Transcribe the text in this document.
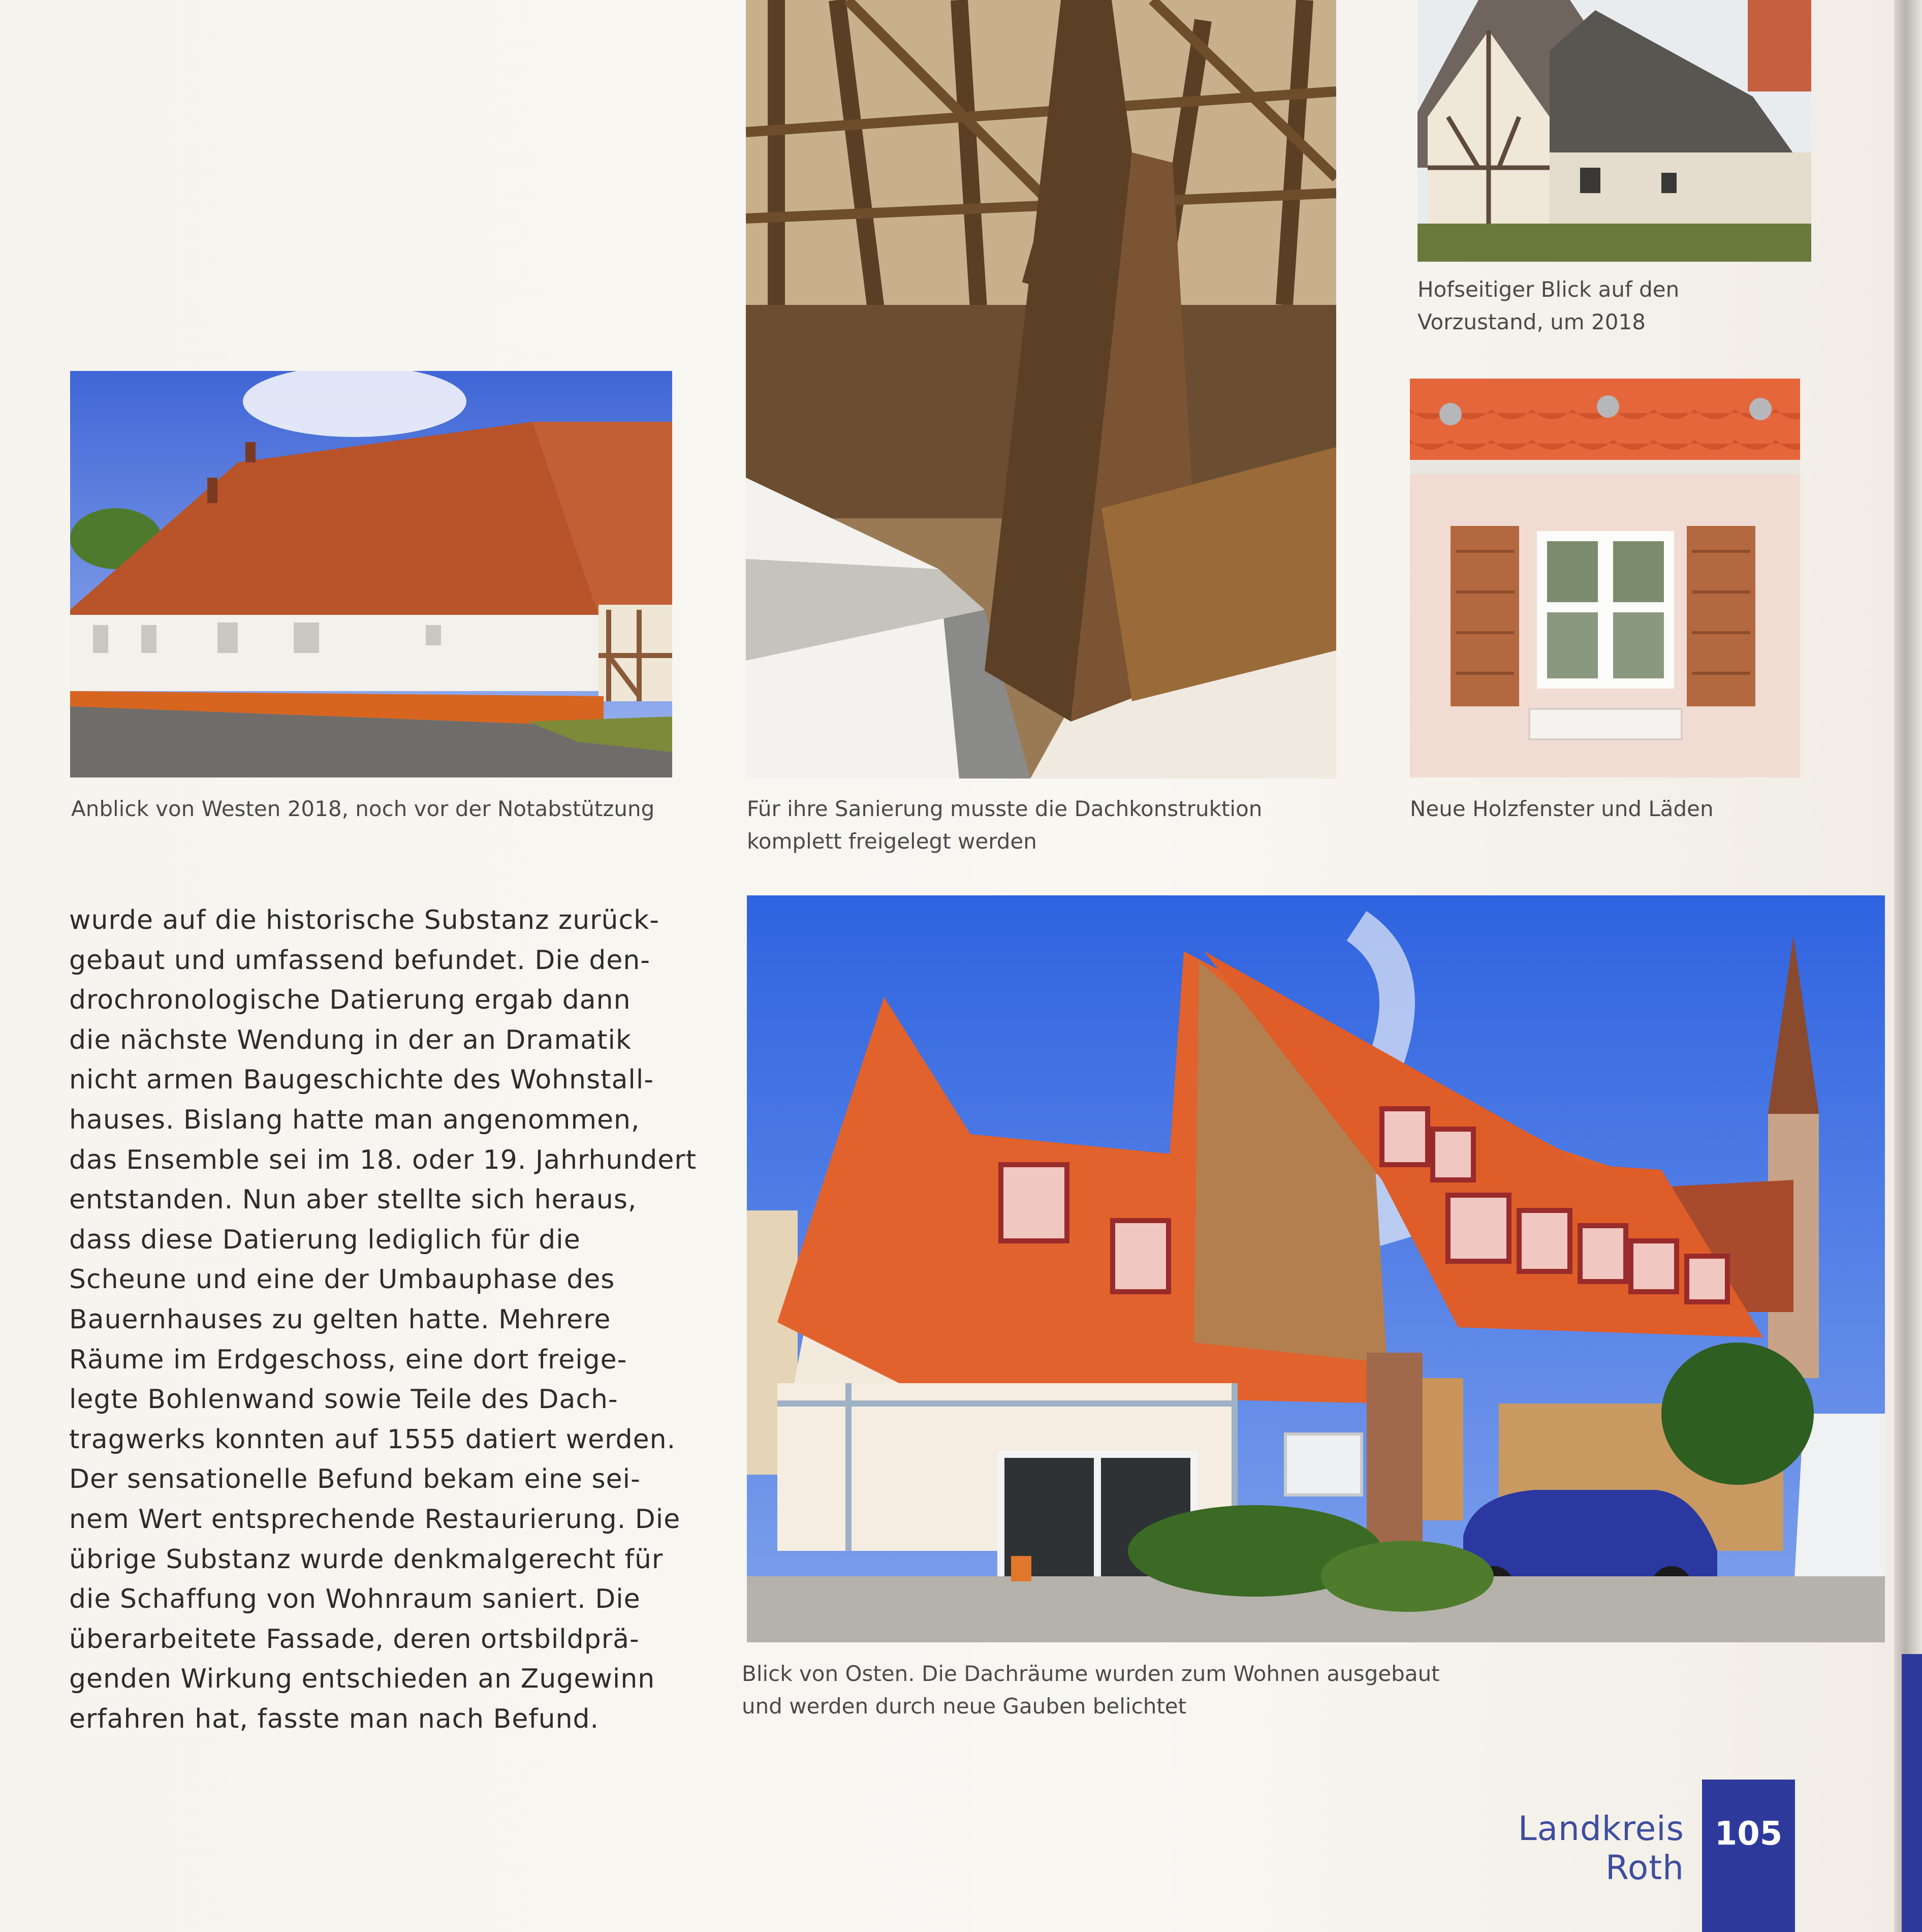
Anblick von Westen 2018, noch vor der Notabstützung	Für ihre Sanierung musste die Dachkonstruktion
komplett freigelegt werden
Hofseitiger Blick auf den
Vorzustand, um 2018
Neue Holzfenster und Läden
Blick von Osten. Die Dachräume wurden zum Wohnen ausgebaut
und werden durch neue Gauben belichtet
wurde auf die historische Substanz zurück-
gebaut und umfassend befundet. Die den-
drochronologische Datierung ergab dann
die nächste Wendung in der an Dramatik
nicht armen Baugeschichte des Wohnstall-
hauses. Bislang hatte man angenommen,
das Ensemble sei im 18. oder 19. Jahrhundert
entstanden. Nun aber stellte sich heraus,
dass diese Datierung lediglich für die
Scheune und eine der Umbauphase des
Bauernhauses zu gelten hatte. Mehrere
Räume im Erdgeschoss, eine dort freige-
legte Bohlenwand sowie Teile des Dach-
tragwerks konnten auf 1555 datiert werden.
Der sensationelle Befund bekam eine sei-
nem Wert entsprechende Restaurierung. Die
übrige Substanz wurde denkmalgerecht für
die Schaffung von Wohnraum saniert. Die
überarbeitete Fassade, deren ortsbildprä-
genden Wirkung entschieden an Zugewinn
erfahren hat, fasste man nach Befund.
Landkreis Roth
105
